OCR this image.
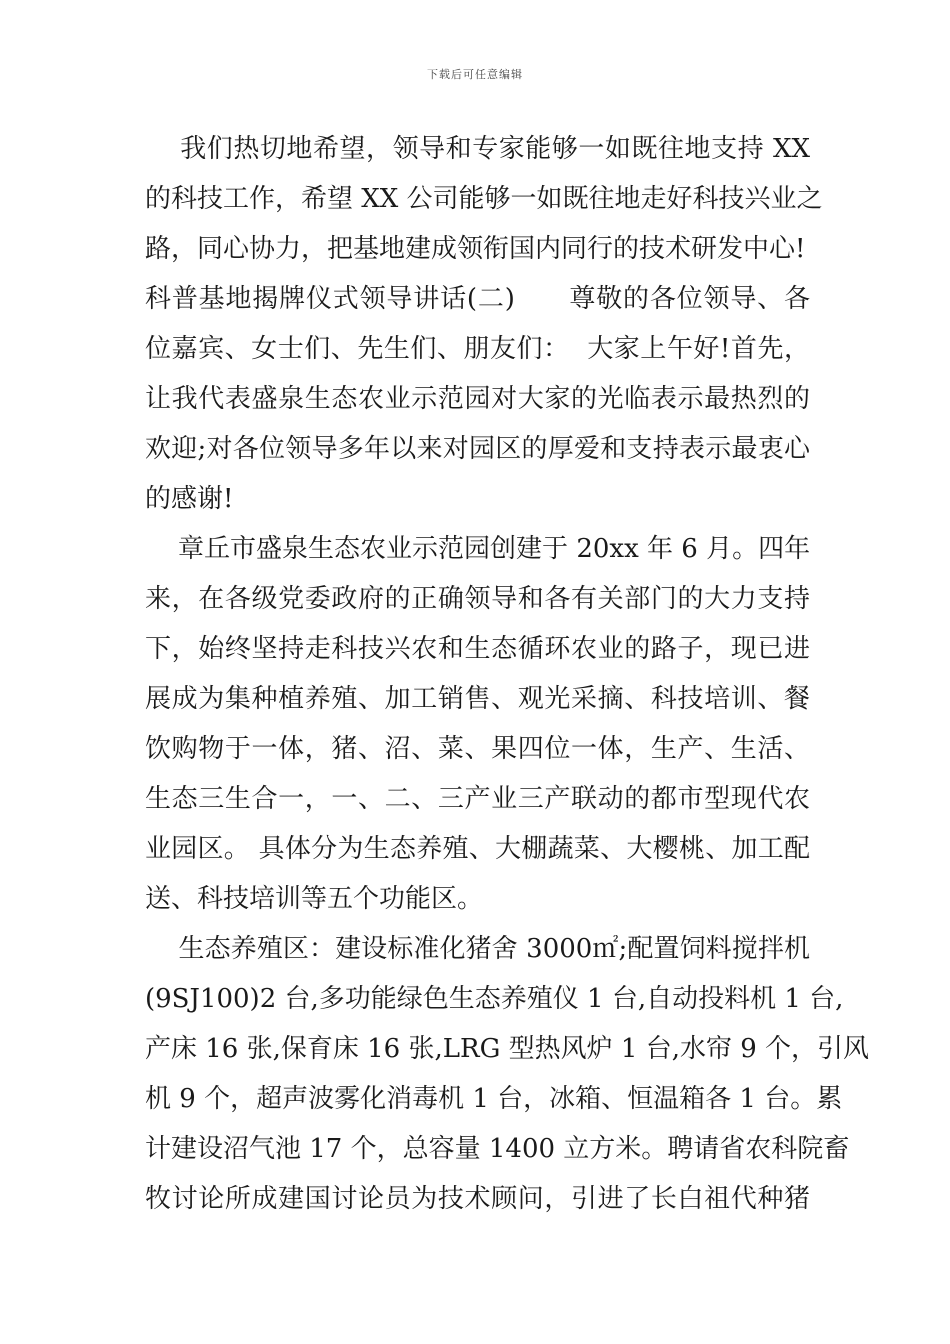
下载后可任意编辑
我们热切地希望，领导和专家能够一如既往地支持 XX
的科技工作，希望 XX 公司能够一如既往地走好科技兴业之
路，同心协力，把基地建成领衔国内同行的技术研发中心!
科普基地揭牌仪式领导讲话(二)      尊敬的各位领导、各
位嘉宾、女士们、先生们、朋友们：  大家上午好!首先，
让我代表盛泉生态农业示范园对大家的光临表示最热烈的
欢迎;对各位领导多年以来对园区的厚爱和支持表示最衷心
的感谢!
章丘市盛泉生态农业示范园创建于 20xx 年 6 月。四年
来，在各级党委政府的正确领导和各有关部门的大力支持
下，始终坚持走科技兴农和生态循环农业的路子，现已进
展成为集种植养殖、加工销售、观光采摘、科技培训、餐
饮购物于一体，猪、沼、菜、果四位一体，生产、生活、
生态三生合一，一、二、三产业三产联动的都市型现代农
业园区。 具体分为生态养殖、大棚蔬菜、大樱桃、加工配
送、科技培训等五个功能区。
生态养殖区：建设标准化猪舍 3000㎡;配置饲料搅拌机
(9SJ100)2 台,多功能绿色生态养殖仪 1 台,自动投料机 1 台,
产床 16 张,保育床 16 张,LRG 型热风炉 1 台,水帘 9 个，引风
机 9 个，超声波雾化消毒机 1 台，冰箱、恒温箱各 1 台。累
计建设沼气池 17 个，总容量 1400 立方米。聘请省农科院畜
牧讨论所成建国讨论员为技术顾问，引进了长白祖代种猪
